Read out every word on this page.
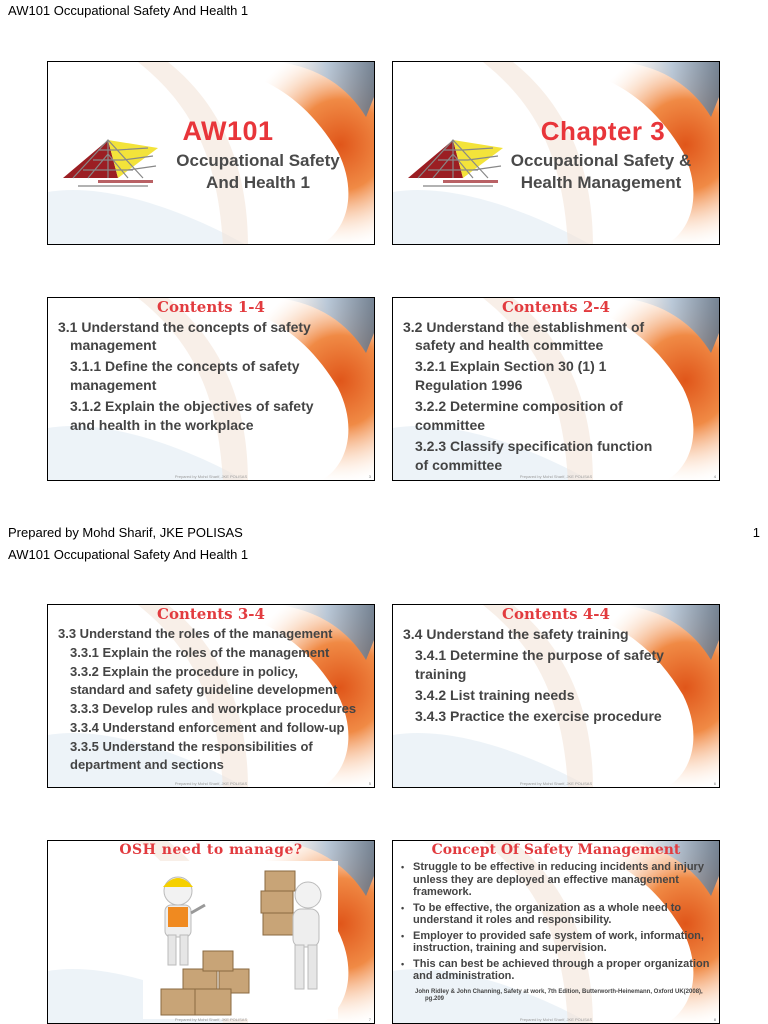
AW101 Occupational Safety And Health 1
AW101
Occupational Safety
And Health 1
Chapter 3
Occupational Safety &
Health Management
Contents 1-4
3.1 Understand the concepts of safety
management
3.1.1 Define the concepts of safety
management
3.1.2 Explain the objectives of safety
and health in the workplace
Prepared by Mohd Sharif, JKE POLISAS	3
Contents 2-4
3.2 Understand the establishment of
safety and health committee
3.2.1 Explain Section 30 (1) 1
Regulation 1996
3.2.2 Determine composition of
committee
3.2.3 Classify specification function
of committee
Prepared by Mohd Sharif, JKE POLISAS	4
Prepared by Mohd Sharif, JKE POLISAS	1
AW101 Occupational Safety And Health 1
Contents 3-4
3.3 Understand the roles of the management
3.3.1 Explain the roles of the management
3.3.2 Explain the procedure in policy,
standard and safety guideline development
3.3.3 Develop rules and workplace procedures
3.3.4 Understand enforcement and follow-up
3.3.5 Understand the responsibilities of
department and sections
Prepared by Mohd Sharif, JKE POLISAS	5
Contents 4-4
3.4 Understand the safety training
3.4.1 Determine the purpose of safety
training
3.4.2 List training needs
3.4.3 Practice the exercise procedure
Prepared by Mohd Sharif, JKE POLISAS	6
OSH need to manage?
Prepared by Mohd Sharif, JKE POLISAS	7
Concept Of Safety Management
• Struggle to be effective in reducing incidents and injury unless they are deployed an effective management framework.
• To be effective, the organization as a whole need to understand it roles and responsibility.
• Employer to provided safe system of work, information, instruction, training and supervision.
• This can best be achieved through a proper organization and administration.
John Ridley & John Channing, Safety at work, 7th Edition, Butterworth-Heinemann, Oxford UK(2008),
pg.209
Prepared by Mohd Sharif, JKE POLISAS	8
